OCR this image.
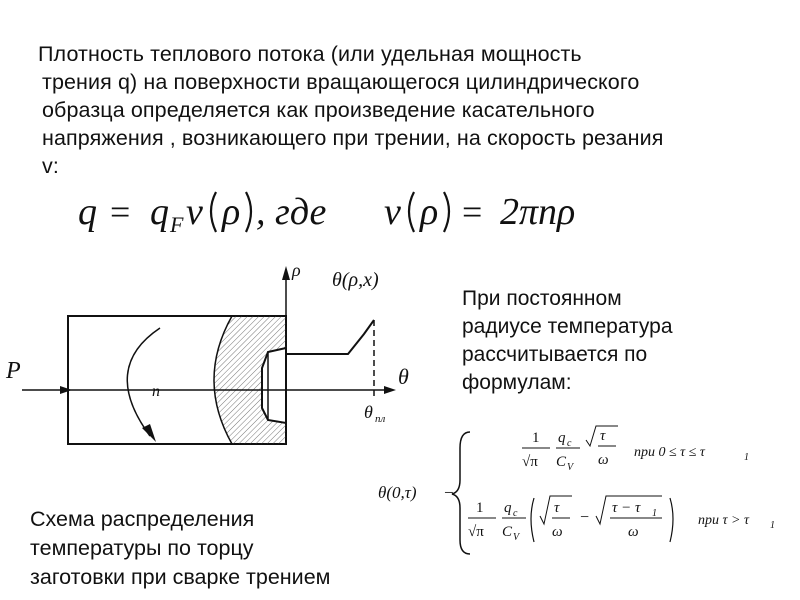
Плотность теплового потока (или удельная мощность
трения q) на поверхности вращающегося цилиндрического
образца определяется как произведение касательного
напряжения , возникающего при трении, на скорость резания
v:
q = q F v ρ , где v ρ = 2πnρ
P
n
ρ θ(ρ,x)
θ
θ пл
При постоянном
радиусе температура
рассчитывается по
формулам:
θ(0,τ) −
1
√π
q c
C V
τ
ω при 0 ≤ τ ≤ τ	1
1
√π
q c
C V
τ
ω
−
τ − τ 1
ω
при τ > τ 1
Схема распределения
температуры по торцу
заготовки при сварке трением
